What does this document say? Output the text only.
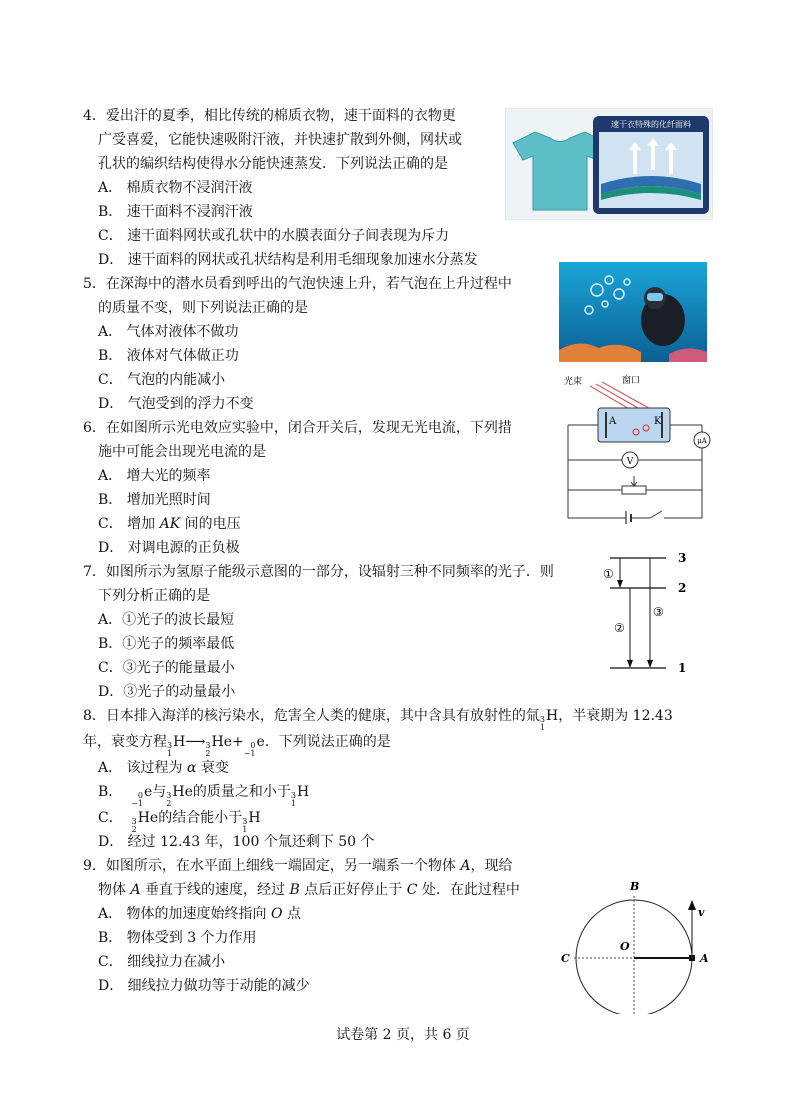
4．爱出汗的夏季，相比传统的棉质衣物，速干面料的衣物更
广受喜爱，它能快速吸附汗液，并快速扩散到外侧，网状或
孔状的编织结构使得水分能快速蒸发．下列说法正确的是
A． 棉质衣物不浸润汗液
B． 速干面料不浸润汗液
C． 速干面料网状或孔状中的水膜表面分子间表现为斥力
D． 速干面料的网状或孔状结构是利用毛细现象加速水分蒸发
速干衣特殊的化纤面料
5．在深海中的潜水员看到呼出的气泡快速上升，若气泡在上升过程中
的质量不变，则下列说法正确的是
A． 气体对液体不做功
B． 液体对气体做正功
C． 气泡的内能减小
D． 气泡受到的浮力不变
6．在如图所示光电效应实验中，闭合开关后，发现无光电流，下列措
施中可能会出现光电流的是
A． 增大光的频率
B． 增加光照时间
C． 增加 AK 间的电压
D． 对调电源的正负极
光束	窗口
A	K
μA
V
7．如图所示为氢原子能级示意图的一部分，设辐射三种不同频率的光子．则
下列分析正确的是
A．①光子的波长最短
B．①光子的频率最低
C．③光子的能量最小
D．③光子的动量最小
3
2
1
①
②
③
8．日本排入海洋的核污染水，危害全人类的健康，其中含具有放射性的氚 3
1
H，半衰期为 12.43
年，衰变方程 3
1
H⟶ 3
2
He+ 0
−1
e．下列说法正确的是
A． 该过程为 α 衰变
B．	0
−1
e与 3
2
He的质量之和小于 3
1
H
C． 3
2
He的结合能小于 3
1
H
D． 经过 12.43 年，100 个氚还剩下 50 个
9．如图所示，在水平面上细线一端固定，另一端系一个物体 A，现给
物体 A 垂直于线的速度，经过 B 点后正好停止于 C 处．在此过程中
A． 物体的加速度始终指向 O 点
B． 物体受到 3 个力作用
C． 细线拉力在减小
D． 细线拉力做功等于动能的减少
B
C
O
A
v
试卷第 2 页，共 6 页
